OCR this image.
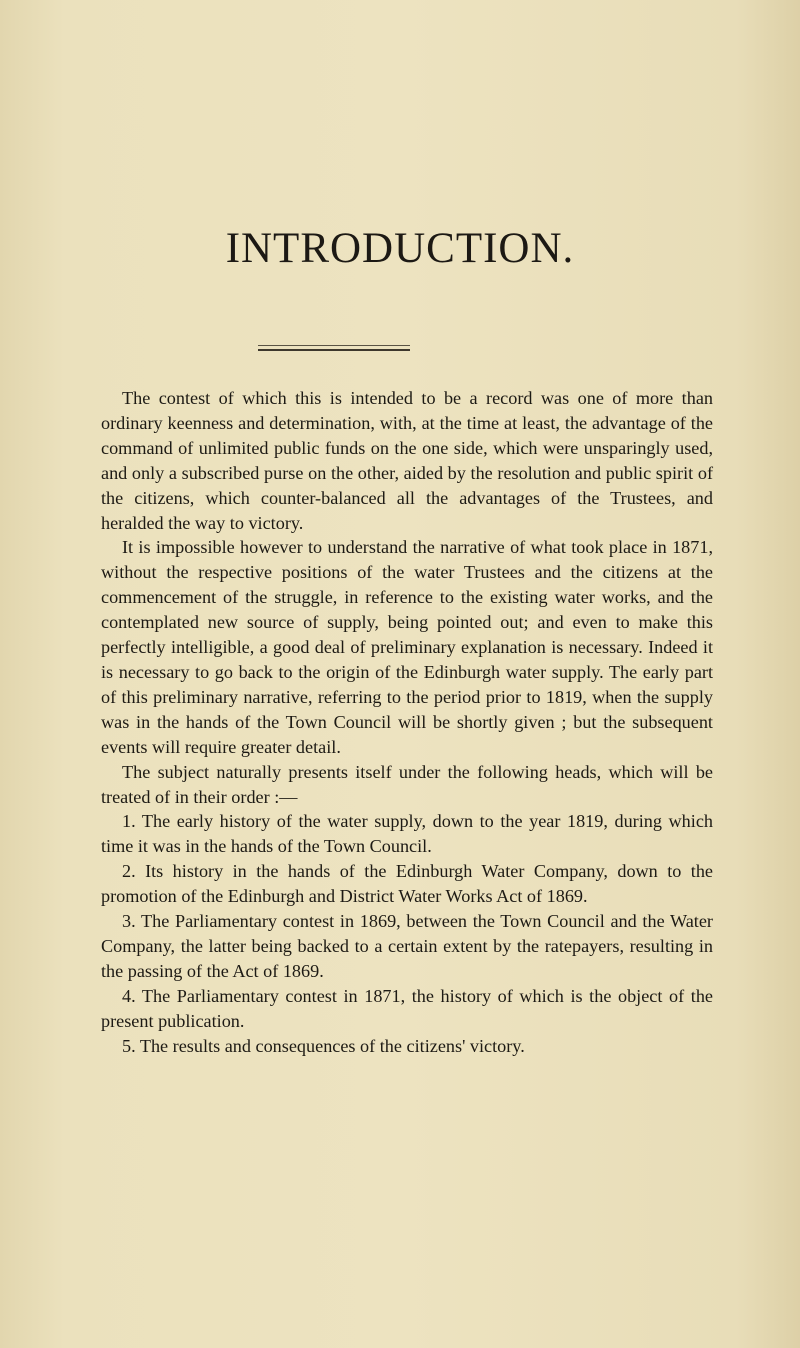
INTRODUCTION.

The contest of which this is intended to be a record was one of more than ordinary keenness and determination, with, at the time at least, the advantage of the command of unlimited public funds on the one side, which were unsparingly used, and only a subscribed purse on the other, aided by the resolution and public spirit of the citizens, which counter-balanced all the advantages of the Trustees, and heralded the way to victory.

It is impossible however to understand the narrative of what took place in 1871, without the respective positions of the water Trustees and the citizens at the commencement of the struggle, in reference to the existing water works, and the contemplated new source of supply, being pointed out; and even to make this perfectly intelligible, a good deal of preliminary explanation is necessary. Indeed it is necessary to go back to the origin of the Edinburgh water supply. The early part of this preliminary narrative, referring to the period prior to 1819, when the supply was in the hands of the Town Council will be shortly given ; but the subsequent events will require greater detail.

The subject naturally presents itself under the following heads, which will be treated of in their order :—

1. The early history of the water supply, down to the year 1819, during which time it was in the hands of the Town Council.

2. Its history in the hands of the Edinburgh Water Company, down to the promotion of the Edinburgh and District Water Works Act of 1869.

3. The Parliamentary contest in 1869, between the Town Council and the Water Company, the latter being backed to a certain extent by the ratepayers, resulting in the passing of the Act of 1869.

4. The Parliamentary contest in 1871, the history of which is the object of the present publication.

5. The results and consequences of the citizens' victory.
